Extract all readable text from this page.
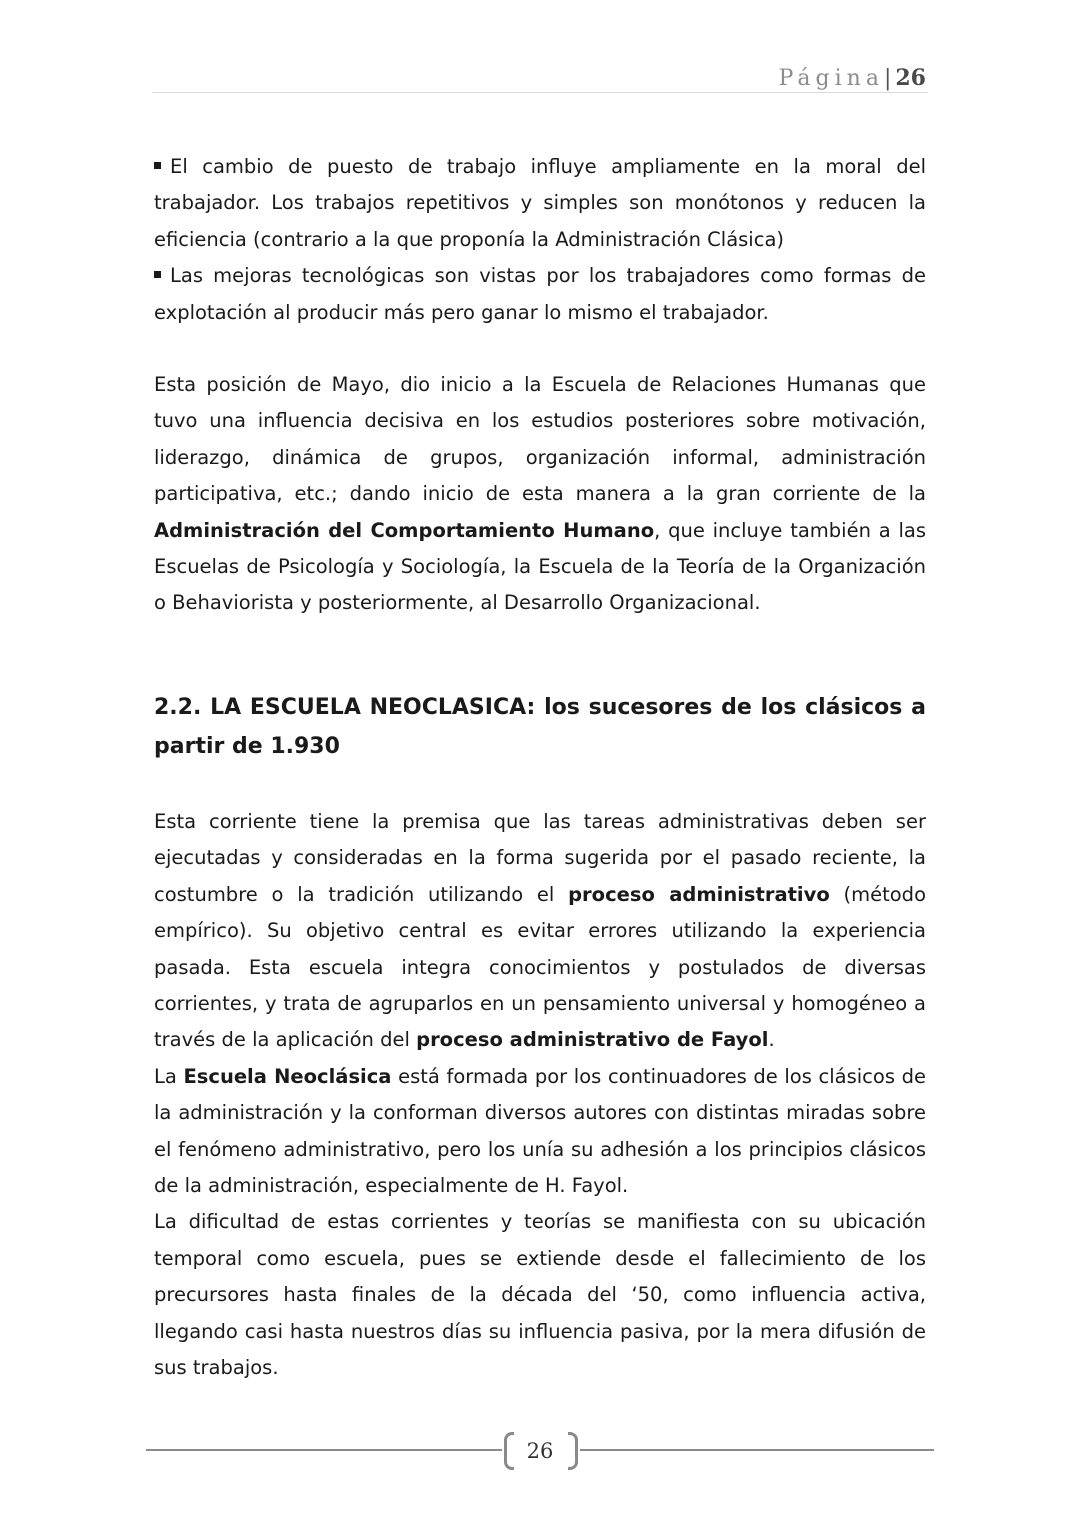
Página| 26

El cambio de puesto de trabajo influye ampliamente en la moral del trabajador. Los trabajos repetitivos y simples son monótonos y reducen la eficiencia (contrario a la que proponía la Administración Clásica)

Las mejoras tecnológicas son vistas por los trabajadores como formas de explotación al producir más pero ganar lo mismo el trabajador.

Esta posición de Mayo, dio inicio a la Escuela de Relaciones Humanas que tuvo una influencia decisiva en los estudios posteriores sobre motivación, liderazgo, dinámica de grupos, organización informal, administración participativa, etc.; dando inicio de esta manera a la gran corriente de la Administración del Comportamiento Humano, que incluye también a las Escuelas de Psicología y Sociología, la Escuela de la Teoría de la Organización o Behaviorista y posteriormente, al Desarrollo Organizacional.

2.2. LA ESCUELA NEOCLASICA: los sucesores de los clásicos a partir de 1.930

Esta corriente tiene la premisa que las tareas administrativas deben ser ejecutadas y consideradas en la forma sugerida por el pasado reciente, la costumbre o la tradición utilizando el proceso administrativo (método empírico). Su objetivo central es evitar errores utilizando la experiencia pasada. Esta escuela integra conocimientos y postulados de diversas corrientes, y trata de agruparlos en un pensamiento universal y homogéneo a través de la aplicación del proceso administrativo de Fayol.

La Escuela Neoclásica está formada por los continuadores de los clásicos de la administración y la conforman diversos autores con distintas miradas sobre el fenómeno administrativo, pero los unía su adhesión a los principios clásicos de la administración, especialmente de H. Fayol.

La dificultad de estas corrientes y teorías se manifiesta con su ubicación temporal como escuela, pues se extiende desde el fallecimiento de los precursores hasta finales de la década del ‘50, como influencia activa, llegando casi hasta nuestros días su influencia pasiva, por la mera difusión de sus trabajos.

26
